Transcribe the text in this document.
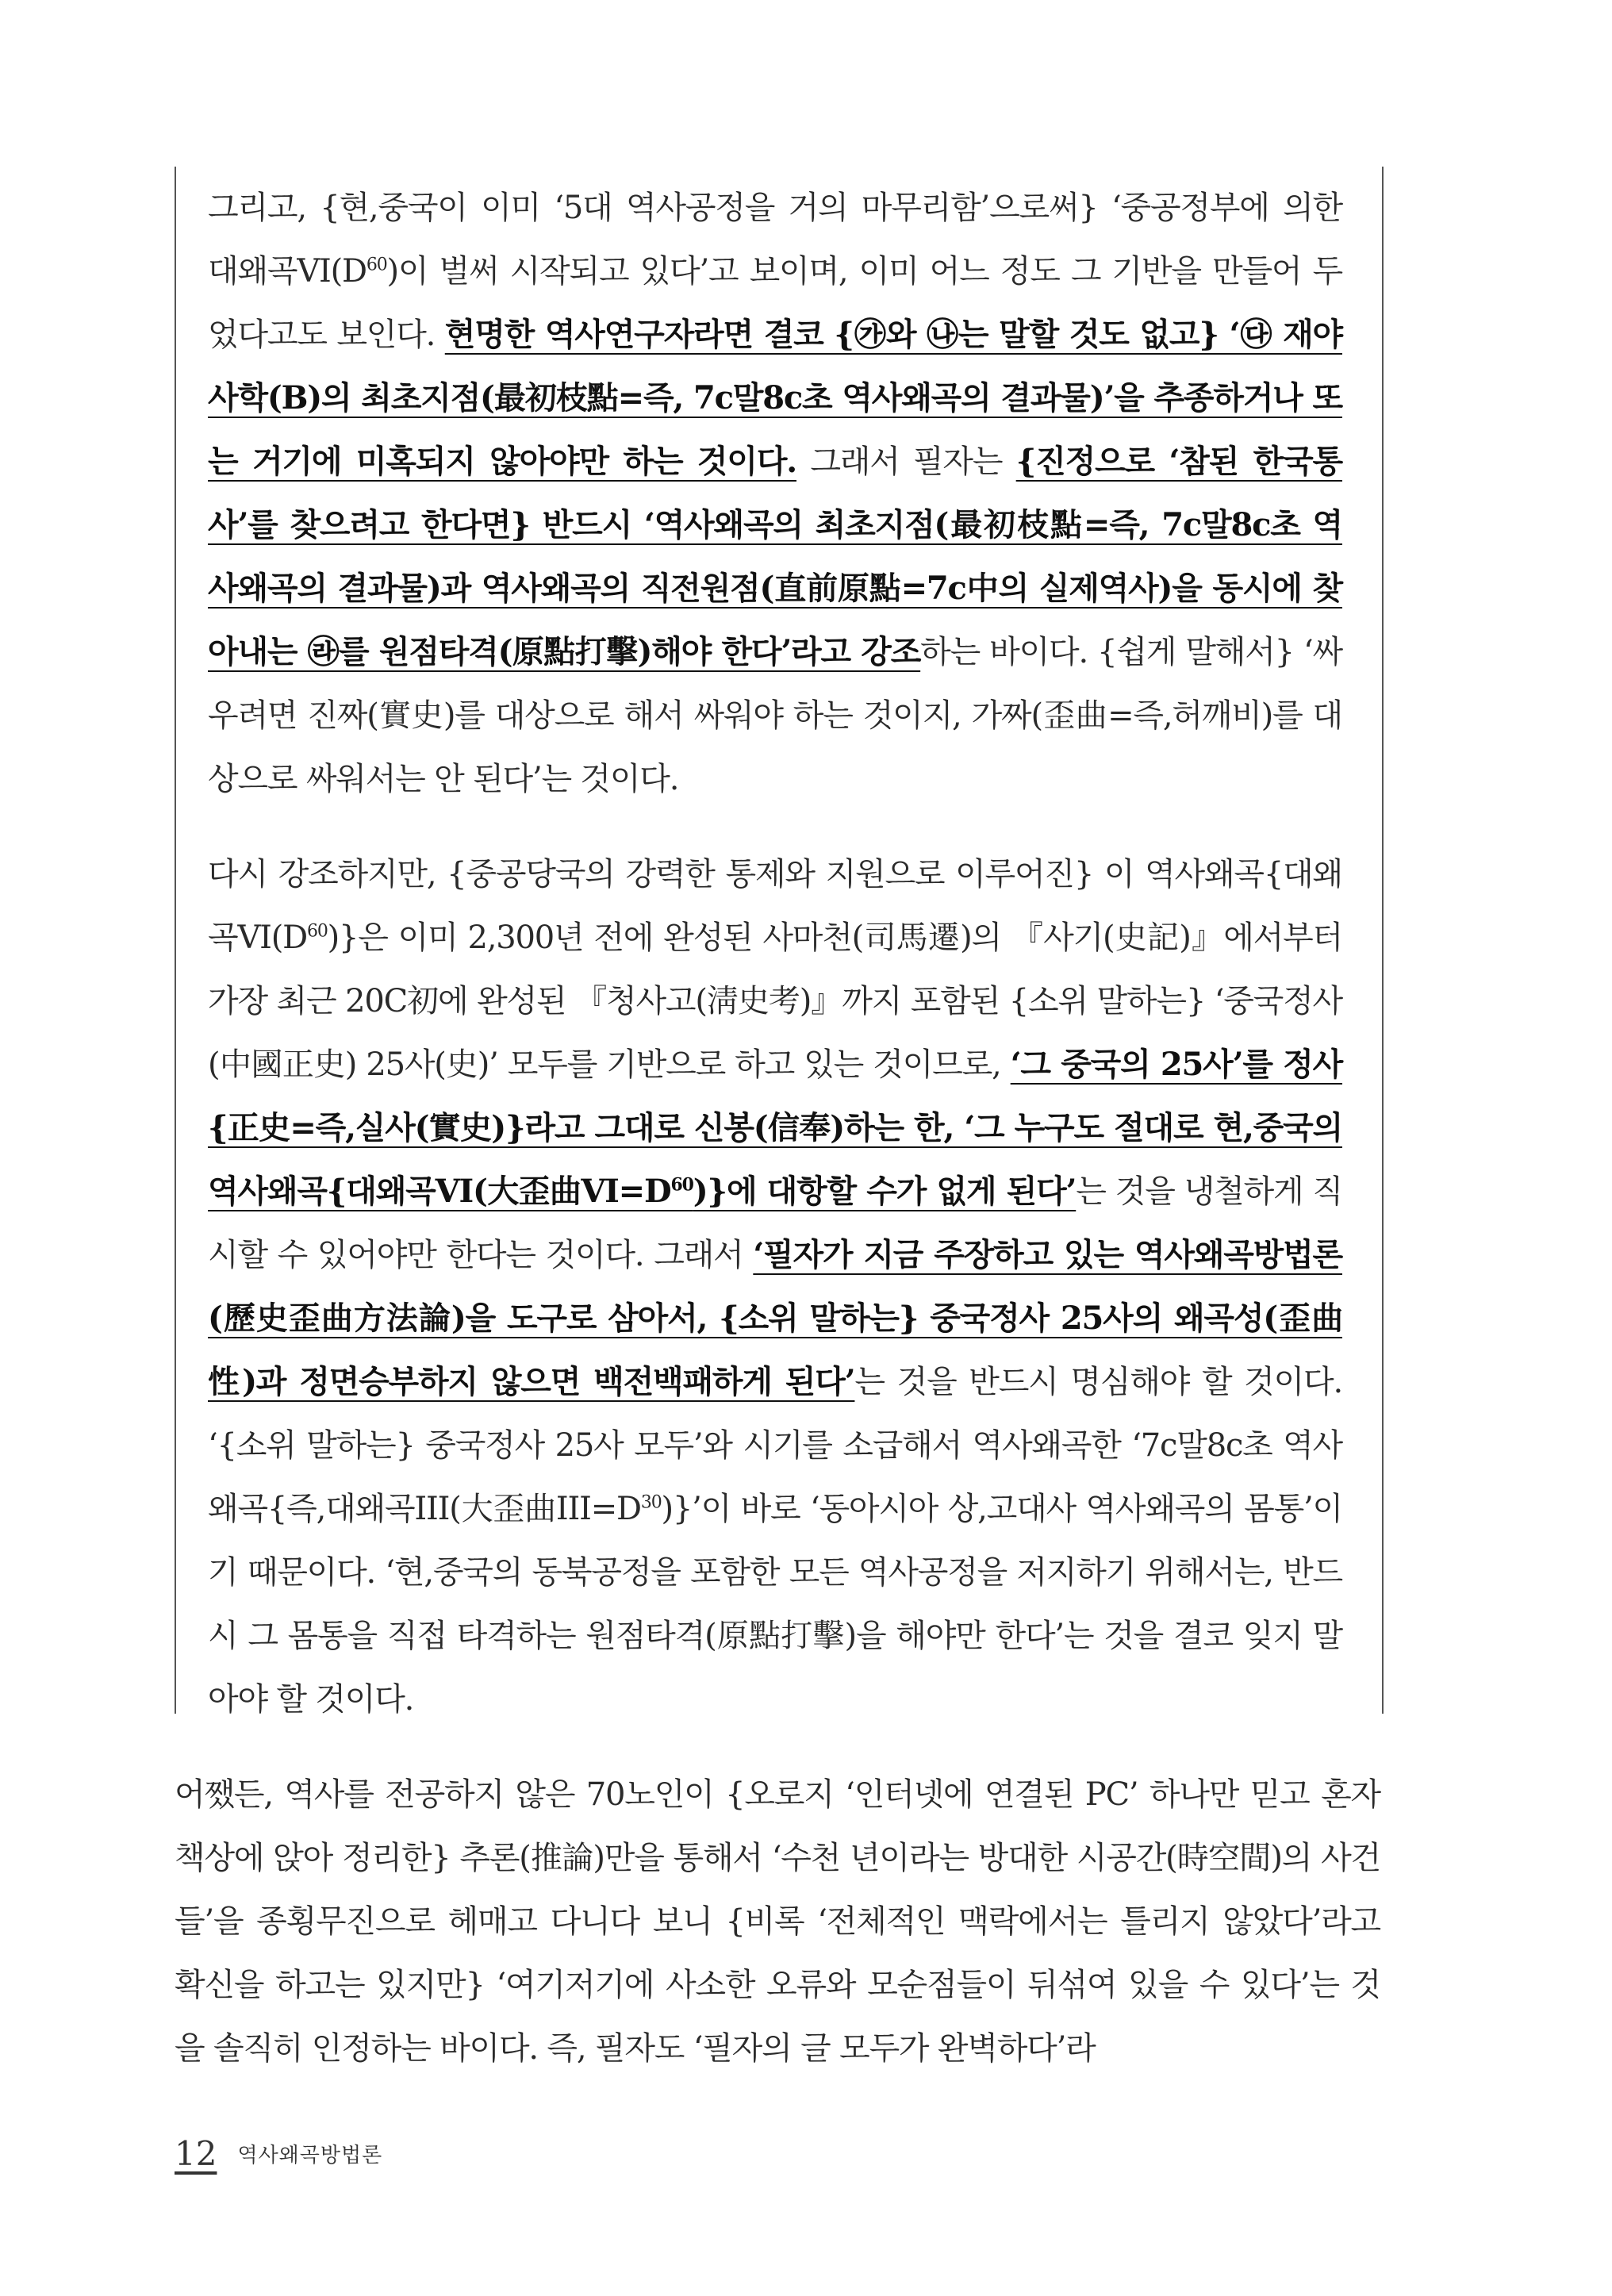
그리고, {현,중국이 이미 ‘5대 역사공정을 거의 마무리함’으로써} ‘중공정부에 의한 대왜곡$VI(D^{60})$이 벌써 시작되고 있다’고 보이며, 이미 어느 정도 그 기반을 만들어 두었다고도 보인다. 현명한 역사연구자라면 결코 {㉮와 ㉯는 말할 것도 없고} ‘㉰ 재야사학(B)의 최초지점(最初枝點=즉, 7c말8c초 역사왜곡의 결과물)’을 추종하거나 또는 거기에 미혹되지 않아야만 하는 것이다. 그래서 필자는 {진정으로 ‘참된 한국통사’를 찾으려고 한다면} 반드시 ‘역사왜곡의 최초지점(最初枝點=즉, 7c말8c초 역사왜곡의 결과물)과 역사왜곡의 직전원점(直前原點=7c中의 실제역사)을 동시에 찾아내는 ㉱를 원점타격(原點打擊)해야 한다’라고 강조하는 바이다. {쉽게 말해서} ‘싸우려면 진짜(實史)를 대상으로 해서 싸워야 하는 것이지, 가짜(歪曲=즉,허깨비)를 대상으로 싸워서는 안 된다’는 것이다.

다시 강조하지만, {중공당국의 강력한 통제와 지원으로 이루어진} 이 역사왜곡{대왜곡$VI(D^{60})$}은 이미 2,300년 전에 완성된 사마천(司馬遷)의 『사기(史記)』에서부터 가장 최근 20C初에 완성된 『청사고(淸史考)』까지 포함된 {소위 말하는} ‘중국정사(中國正史) 25사(史)’ 모두를 기반으로 하고 있는 것이므로, ‘그 중국의 25사’를 정사{正史=즉,실사(實史)}라고 그대로 신봉(信奉)하는 한, ‘그 누구도 절대로 현,중국의 역사왜곡{대왜곡VI(大歪曲$VI=D^{60}$)}에 대항할 수가 없게 된다’는 것을 냉철하게 직시할 수 있어야만 한다는 것이다. 그래서 ‘필자가 지금 주장하고 있는 역사왜곡방법론(歷史歪曲方法論)을 도구로 삼아서, {소위 말하는} 중국정사 25사의 왜곡성(歪曲性)과 정면승부하지 않으면 백전백패하게 된다’는 것을 반드시 명심해야 할 것이다. ‘{소위 말하는} 중국정사 25사 모두’와 시기를 소급해서 역사왜곡한 ‘7c말8c초 역사왜곡{즉,대왜곡III(大歪曲$III=D^{30}$)}’이 바로 ‘동아시아 상,고대사 역사왜곡의 몸통’이기 때문이다. ‘현,중국의 동북공정을 포함한 모든 역사공정을 저지하기 위해서는, 반드시 그 몸통을 직접 타격하는 원점타격(原點打擊)을 해야만 한다’는 것을 결코 잊지 말아야 할 것이다.

어쨌든, 역사를 전공하지 않은 70노인이 {오로지 ‘인터넷에 연결된 PC’ 하나만 믿고 혼자 책상에 앉아 정리한} 추론(推論)만을 통해서 ‘수천 년이라는 방대한 시공간(時空間)의 사건들’을 종횡무진으로 헤매고 다니다 보니 {비록 ‘전체적인 맥락에서는 틀리지 않았다’라고 확신을 하고는 있지만} ‘여기저기에 사소한 오류와 모순점들이 뒤섞여 있을 수 있다’는 것을 솔직히 인정하는 바이다. 즉, 필자도 ‘필자의 글 모두가 완벽하다’라

12 역사왜곡방법론
